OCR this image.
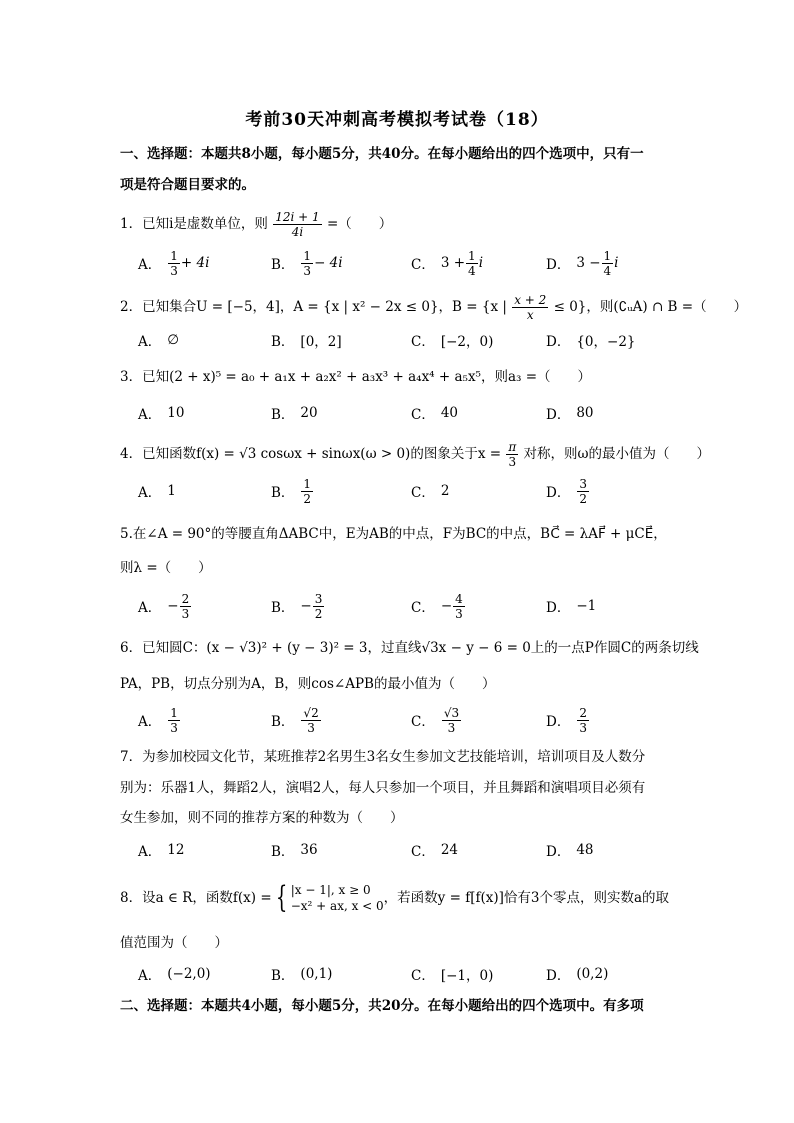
考前30天冲刺高考模拟考试卷（18）
一、选择题：本题共8小题，每小题5分，共40分。在每小题给出的四个选项中，只有一
项是符合题目要求的。
1．已知i是虚数单位，则 $\frac{12i + 1}{4i}$ =（　　）
A． $\frac{1}{3} + 4i$	B． $\frac{1}{3} - 4i$	C． $3 + \frac{1}{4}$ i	D． $3 - \frac{1}{4}$ i
2．已知集合U = [−5，4]，A = {x | x² − 2x ≤ 0}，B = {x | $\frac{x + 2}{x} \le 0$}，则(∁ᵤA) ∩ B =（　　）
A． ∅	B． [0，2]	C． [−2，0)	D． {0，−2}
3．已知(2 + x)⁵ = a₀ + a₁x + a₂x² + a₃x³ + a₄x⁴ + a₅x⁵，则a₃ =（　　）
A． 10	B． 20	C． 40	D． 80
4．已知函数f(x) = √3 cosωx + sinωx(ω > 0)的图象关于$x = \frac{\pi}{3}$ 对称，则ω的最小值为（　　）
A． 1	B． $\frac{1}{2}$	C． 2	D． $\frac{3}{2}$
5.在∠A = 90°的等腰直角ΔABC中，E为AB的中点，F为BC的中点，BC⃗ = λAF⃗ + μCE⃗，
则λ =（　　）
A． − $\frac{2}{3}$	B． − $\frac{3}{2}$	C． − $\frac{4}{3}$	D． −1
6．已知圆C：(x − √3)² + (y − 3)² = 3，过直线√3x − y − 6 = 0上的一点P作圆C的两条切线
PA，PB，切点分别为A，B，则cos∠APB的最小值为（　　）
A． $\frac{1}{3}$	B． $\frac{√2}{3}$	C． $\frac{√3}{3}$	D． $\frac{2}{3}$
7．为参加校园文化节，某班推荐2名男生3名女生参加文艺技能培训，培训项目及人数分
别为：乐器1人，舞蹈2人，演唱2人，每人只参加一个项目，并且舞蹈和演唱项目必须有
女生参加，则不同的推荐方案的种数为（　　）
A． 12	B． 36	C． 24	D． 48
8．设a ∈ R，函数f(x) = { |x − 1|, x ≥ 0
−x² + ax, x < 0 ，若函数y = f[f(x)]恰有3个零点，则实数a的取
值范围为（　　）
A． (−2,0)	B． (0,1)	C． [−1，0)	D． (0,2)
二、选择题：本题共4小题，每小题5分，共20分。在每小题给出的四个选项中。有多项
